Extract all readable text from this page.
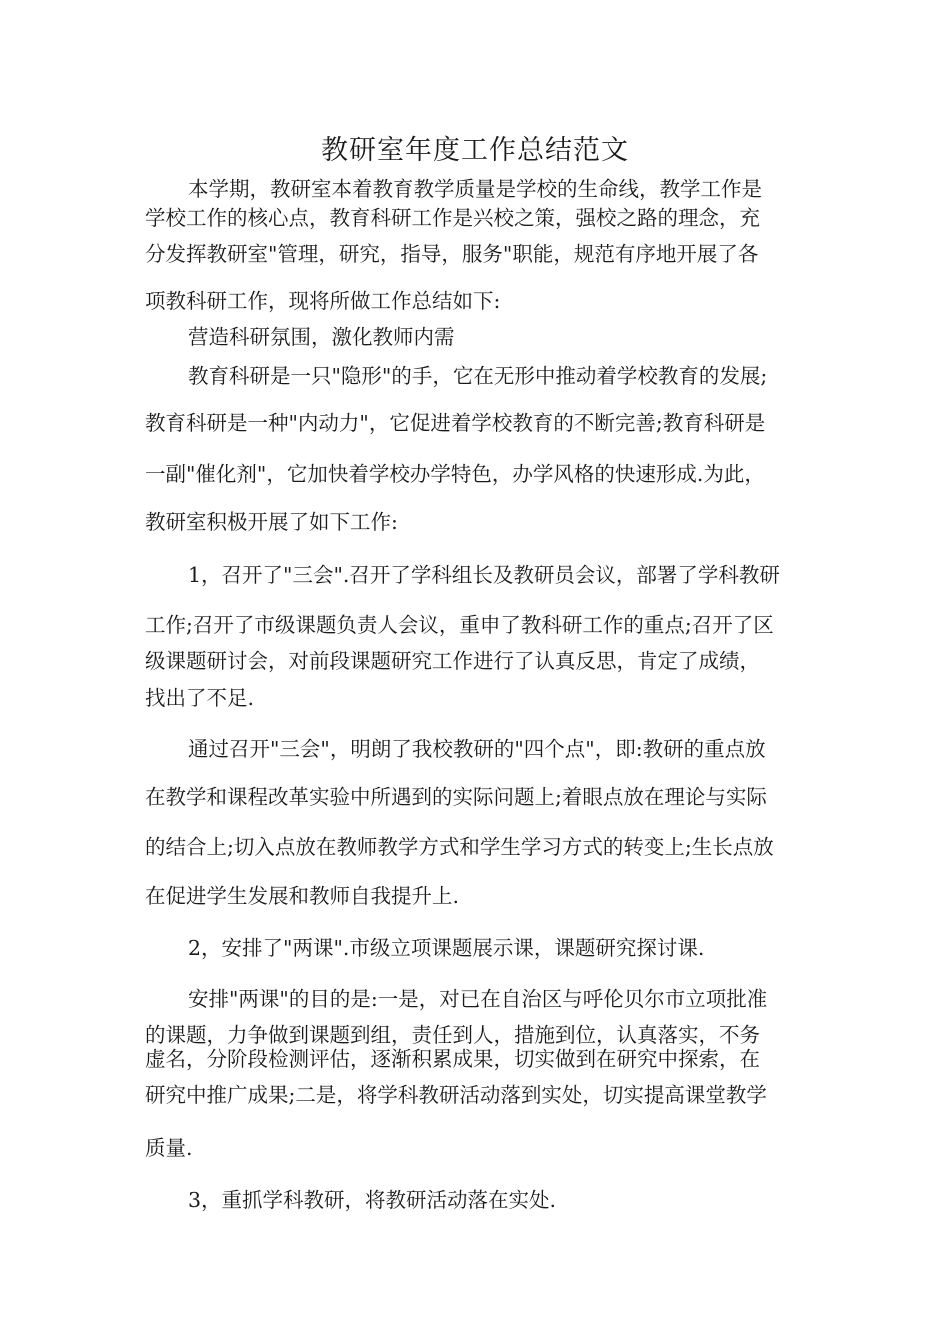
教研室年度工作总结范文
本学期，教研室本着教育教学质量是学校的生命线，教学工作是
学校工作的核心点，教育科研工作是兴校之策，强校之路的理念，充
分发挥教研室"管理，研究，指导，服务"职能，规范有序地开展了各
项教科研工作，现将所做工作总结如下:
营造科研氛围，激化教师内需
教育科研是一只"隐形"的手，它在无形中推动着学校教育的发展;
教育科研是一种"内动力"，它促进着学校教育的不断完善;教育科研是
一副"催化剂"，它加快着学校办学特色，办学风格的快速形成.为此，
教研室积极开展了如下工作:
1，召开了"三会".召开了学科组长及教研员会议，部署了学科教研
工作;召开了市级课题负责人会议，重申了教科研工作的重点;召开了区
级课题研讨会，对前段课题研究工作进行了认真反思，肯定了成绩，
找出了不足.
通过召开"三会"，明朗了我校教研的"四个点"，即:教研的重点放
在教学和课程改革实验中所遇到的实际问题上;着眼点放在理论与实际
的结合上;切入点放在教师教学方式和学生学习方式的转变上;生长点放
在促进学生发展和教师自我提升上.
2，安排了"两课".市级立项课题展示课，课题研究探讨课.
安排"两课"的目的是:一是，对已在自治区与呼伦贝尔市立项批准
的课题，力争做到课题到组，责任到人，措施到位，认真落实，不务
虚名，分阶段检测评估，逐渐积累成果，切实做到在研究中探索，在
研究中推广成果;二是，将学科教研活动落到实处，切实提高课堂教学
质量.
3，重抓学科教研，将教研活动落在实处.
